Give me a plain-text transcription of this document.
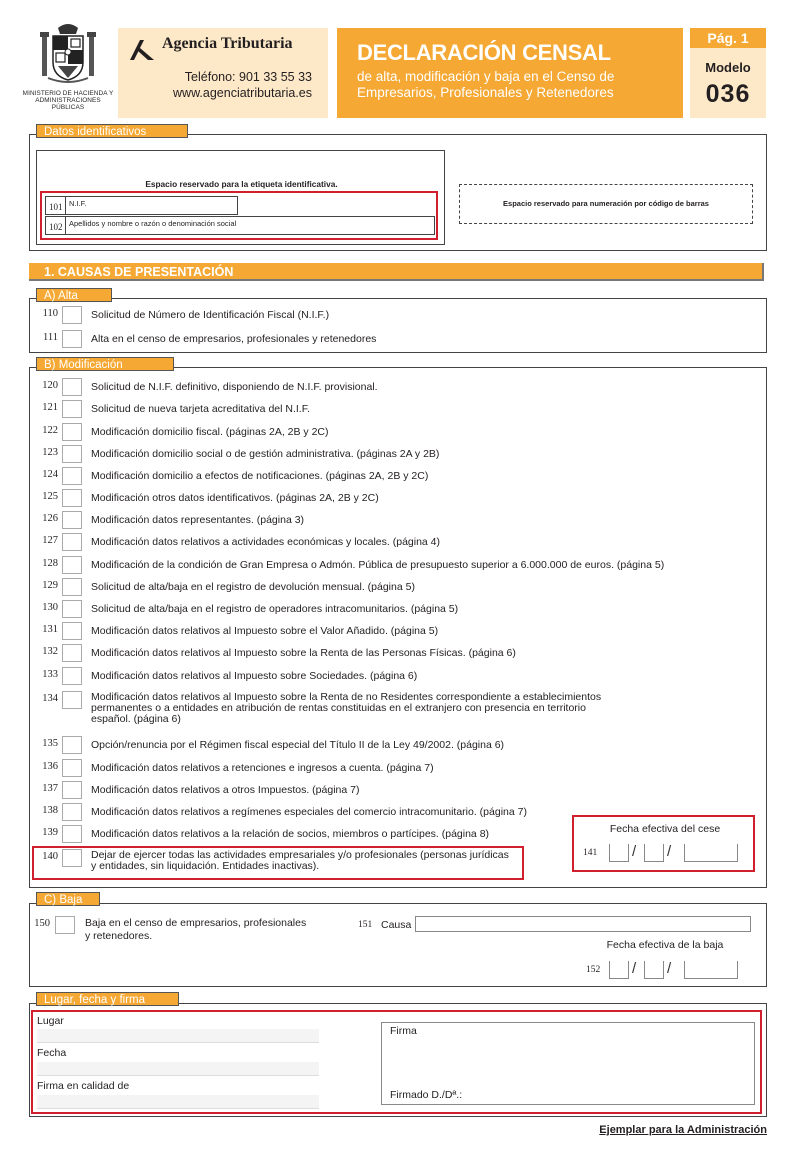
MINISTERIO DE HACIENDA Y ADMINISTRACIONES PÚBLICAS
Agencia Tributaria
Teléfono: 901 33 55 33
www.agenciatributaria.es
DECLARACIÓN CENSAL
de alta, modificación y baja en el Censo de Empresarios, Profesionales y Retenedores
Pág. 1
Modelo
036
Datos identificativos
Espacio reservado para la etiqueta identificativa.
101 N.I.F.
102 Apellidos y nombre o razón o denominación social
Espacio reservado para numeración por código de barras
1. CAUSAS DE PRESENTACIÓN
A) Alta
110	Solicitud de Número de Identificación Fiscal (N.I.F.)
111	Alta en el censo de empresarios, profesionales y retenedores
B) Modificación
120	Solicitud de N.I.F. definitivo, disponiendo de N.I.F. provisional.
121	Solicitud de nueva tarjeta acreditativa del N.I.F.
122	Modificación domicilio fiscal. (páginas 2A, 2B y 2C)
123	Modificación domicilio social o de gestión administrativa. (páginas 2A y 2B)
124	Modificación domicilio a efectos de notificaciones. (páginas 2A, 2B y 2C)
125	Modificación otros datos identificativos. (páginas 2A, 2B y 2C)
126	Modificación datos representantes. (página 3)
127	Modificación datos relativos a actividades económicas y locales. (página 4)
128	Modificación de la condición de Gran Empresa o Admón. Pública de presupuesto superior a 6.000.000 de euros. (página 5)
129	Solicitud de alta/baja en el registro de devolución mensual. (página 5)
130	Solicitud de alta/baja en el registro de operadores intracomunitarios. (página 5)
131	Modificación datos relativos al Impuesto sobre el Valor Añadido. (página 5)
132	Modificación datos relativos al Impuesto sobre la Renta de las Personas Físicas. (página 6)
133	Modificación datos relativos al Impuesto sobre Sociedades. (página 6)
134	Modificación datos relativos al Impuesto sobre la Renta de no Residentes correspondiente a establecimientos
permanentes o a entidades en atribución de rentas constituidas en el extranjero con presencia en territorio
español. (página 6)
135	Opción/renuncia por el Régimen fiscal especial del Título II de la Ley 49/2002. (página 6)
136	Modificación datos relativos a retenciones e ingresos a cuenta. (página 7)
137	Modificación datos relativos a otros Impuestos. (página 7)
138	Modificación datos relativos a regímenes especiales del comercio intracomunitario. (página 7)
139	Modificación datos relativos a la relación de socios, miembros o partícipes. (página 8)
140	Dejar de ejercer todas las actividades empresariales y/o profesionales (personas jurídicas
y entidades, sin liquidación. Entidades inactivas).
Fecha efectiva del cese
141 / /
C) Baja
150	Baja en el censo de empresarios, profesionales
y retenedores.
151 Causa
Fecha efectiva de la baja
152 / /
Lugar, fecha y firma
Lugar
Fecha
Firma en calidad de
Firma
Firmado D./Dª.:
Ejemplar para la Administración
